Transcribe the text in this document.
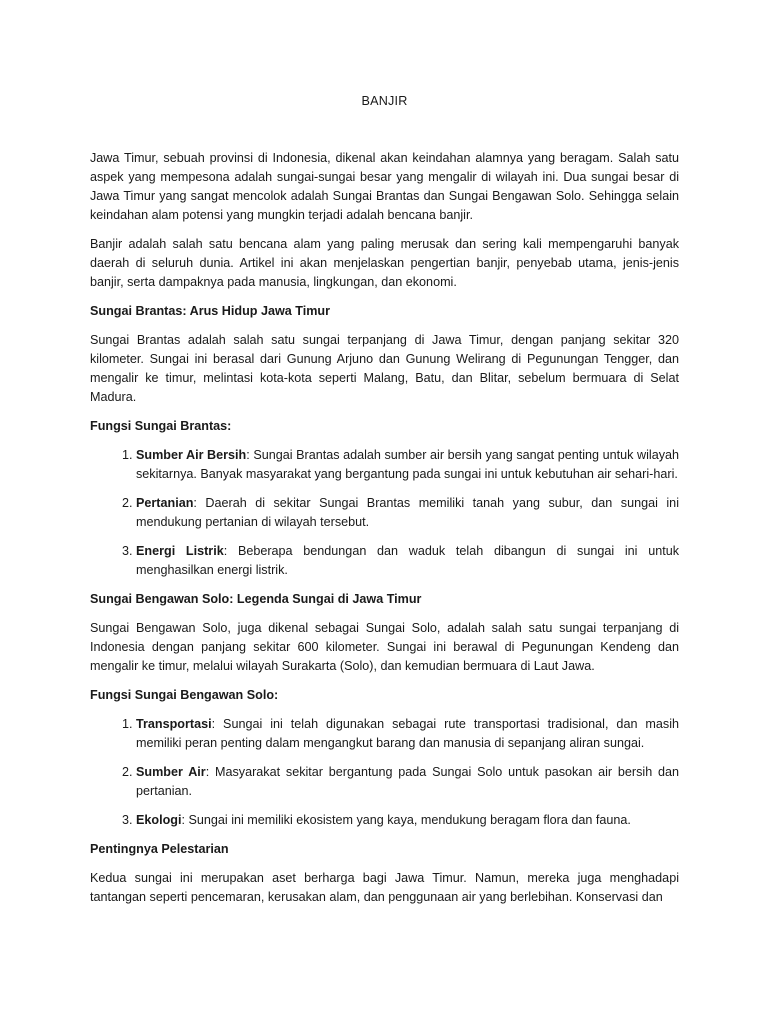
BANJIR

Jawa Timur, sebuah provinsi di Indonesia, dikenal akan keindahan alamnya yang beragam. Salah satu aspek yang mempesona adalah sungai-sungai besar yang mengalir di wilayah ini. Dua sungai besar di Jawa Timur yang sangat mencolok adalah Sungai Brantas dan Sungai Bengawan Solo. Sehingga selain keindahan alam potensi yang mungkin terjadi adalah bencana banjir.

Banjir adalah salah satu bencana alam yang paling merusak dan sering kali mempengaruhi banyak daerah di seluruh dunia. Artikel ini akan menjelaskan pengertian banjir, penyebab utama, jenis-jenis banjir, serta dampaknya pada manusia, lingkungan, dan ekonomi.

Sungai Brantas: Arus Hidup Jawa Timur

Sungai Brantas adalah salah satu sungai terpanjang di Jawa Timur, dengan panjang sekitar 320 kilometer. Sungai ini berasal dari Gunung Arjuno dan Gunung Welirang di Pegunungan Tengger, dan mengalir ke timur, melintasi kota-kota seperti Malang, Batu, dan Blitar, sebelum bermuara di Selat Madura.

Fungsi Sungai Brantas:
1. Sumber Air Bersih: Sungai Brantas adalah sumber air bersih yang sangat penting untuk wilayah sekitarnya. Banyak masyarakat yang bergantung pada sungai ini untuk kebutuhan air sehari-hari.
2. Pertanian: Daerah di sekitar Sungai Brantas memiliki tanah yang subur, dan sungai ini mendukung pertanian di wilayah tersebut.
3. Energi Listrik: Beberapa bendungan dan waduk telah dibangun di sungai ini untuk menghasilkan energi listrik.
Sungai Bengawan Solo: Legenda Sungai di Jawa Timur

Sungai Bengawan Solo, juga dikenal sebagai Sungai Solo, adalah salah satu sungai terpanjang di Indonesia dengan panjang sekitar 600 kilometer. Sungai ini berawal di Pegunungan Kendeng dan mengalir ke timur, melalui wilayah Surakarta (Solo), dan kemudian bermuara di Laut Jawa.

Fungsi Sungai Bengawan Solo:
1. Transportasi: Sungai ini telah digunakan sebagai rute transportasi tradisional, dan masih memiliki peran penting dalam mengangkut barang dan manusia di sepanjang aliran sungai.
2. Sumber Air: Masyarakat sekitar bergantung pada Sungai Solo untuk pasokan air bersih dan pertanian.
3. Ekologi: Sungai ini memiliki ekosistem yang kaya, mendukung beragam flora dan fauna.
Pentingnya Pelestarian

Kedua sungai ini merupakan aset berharga bagi Jawa Timur. Namun, mereka juga menghadapi tantangan seperti pencemaran, kerusakan alam, dan penggunaan air yang berlebihan. Konservasi dan
